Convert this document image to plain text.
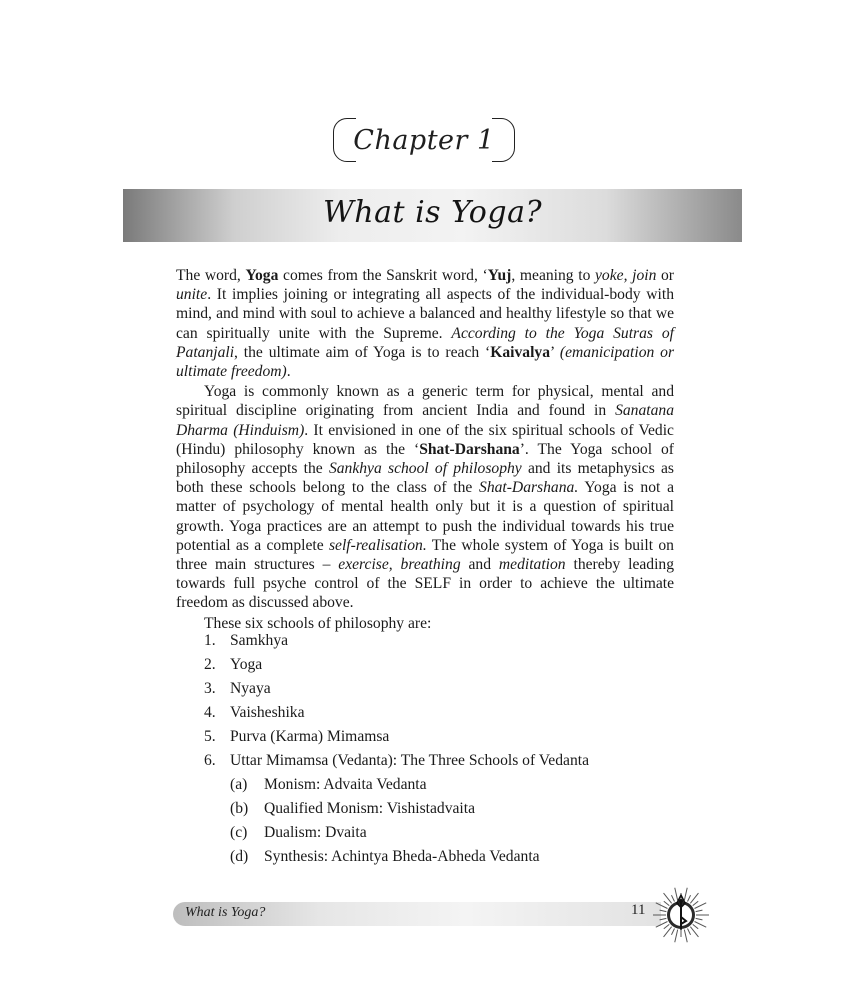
Chapter 1
What is Yoga?

The word, Yoga comes from the Sanskrit word, ‘Yuj, meaning to yoke, join or unite. It implies joining or integrating all aspects of the individual-body with mind, and mind with soul to achieve a balanced and healthy lifestyle so that we can spiritually unite with the Supreme. According to the Yoga Sutras of Patanjali, the ultimate aim of Yoga is to reach ‘Kaivalya’ (emanicipation or ultimate freedom).

Yoga is commonly known as a generic term for physical, mental and spiritual discipline originating from ancient India and found in Sanatana Dharma (Hinduism). It envisioned in one of the six spiritual schools of Vedic (Hindu) philosophy known as the ‘Shat-Darshana’. The Yoga school of philosophy accepts the Sankhya school of philosophy and its metaphysics as both these schools belong to the class of the Shat-Darshana. Yoga is not a matter of psychology of mental health only but it is a question of spiritual growth. Yoga practices are an attempt to push the individual towards his true potential as a complete self-realisation. The whole system of Yoga is built on three main structures – exercise, breathing and meditation thereby leading towards full psyche control of the SELF in order to achieve the ultimate freedom as discussed above.

These six schools of philosophy are:

1. Samkhya
2. Yoga
3. Nyaya
4. Vaisheshika
5. Purva (Karma) Mimamsa
6. Uttar Mimamsa (Vedanta): The Three Schools of Vedanta
(a) Monism: Advaita Vedanta
(b) Qualified Monism: Vishistadvaita
(c) Dualism: Dvaita
(d) Synthesis: Achintya Bheda-Abheda Vedanta
What is Yoga?	11
